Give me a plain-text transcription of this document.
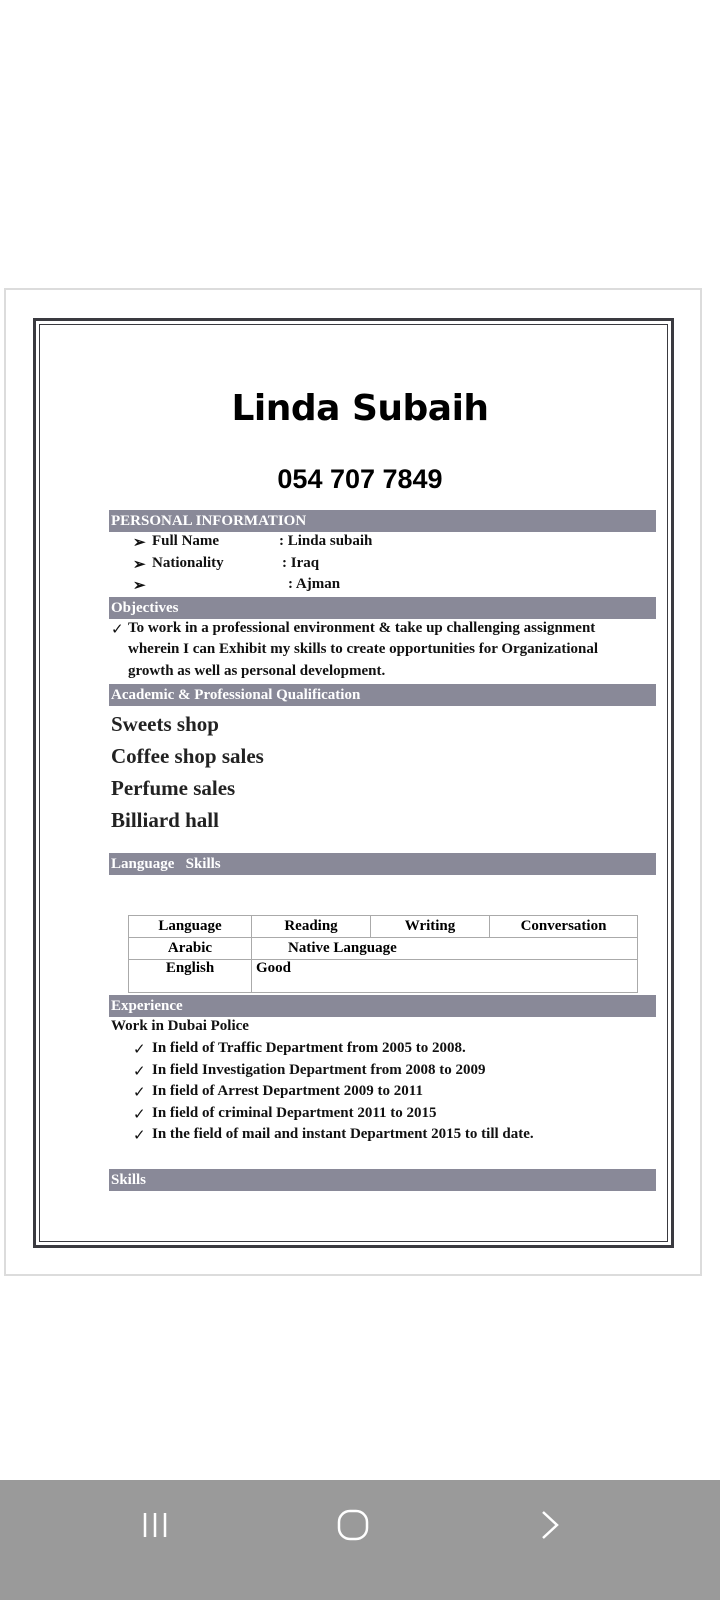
Linda Subaih
054 707 7849
PERSONAL INFORMATION
➢ Full Name	: Linda subaih
➢ Nationality	: Iraq
➢	: Ajman
Objectives
✓ To work in a professional environment & take up challenging assignment
wherein I can Exhibit my skills to create opportunities for Organizational
growth as well as personal development.
Academic & Professional Qualification
Sweets shop
Coffee shop sales
Perfume sales
Billiard hall
Language   Skills
Language	Reading	Writing	Conversation
Arabic	Native Language		
English	Good		
Experience
Work in Dubai Police
✓ In field of Traffic Department from 2005 to 2008.
✓ In field Investigation Department from 2008 to 2009
✓ In field of Arrest Department 2009 to 2011
✓ In field of criminal Department 2011 to 2015
✓ In the field of mail and instant Department 2015 to till date.
Skills
